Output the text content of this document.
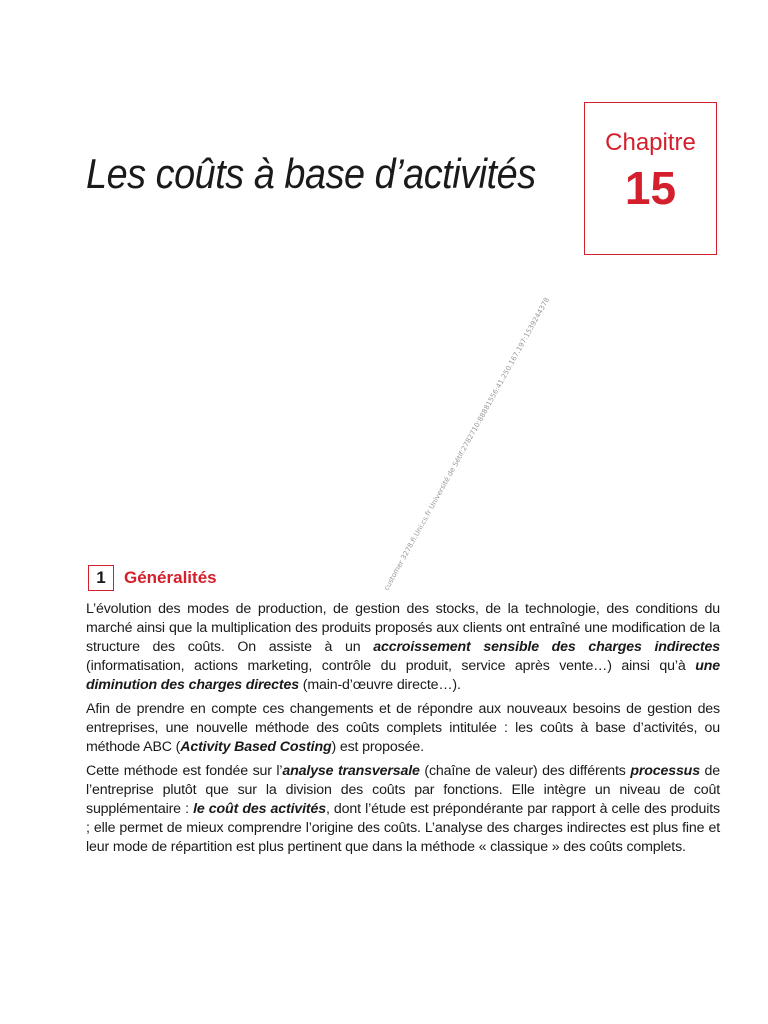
Les coûts à base d’activités
Chapitre
15
customer 3278.fi.Uni.cs.fr Université de Sétif:2782710:88881556:41.250.167.197:1539244378
1	Généralités

L’évolution des modes de production, de gestion des stocks, de la technologie, des conditions du marché ainsi que la multiplication des produits proposés aux clients ont entraîné une modification de la structure des coûts. On assiste à un accroissement sensible des charges indirectes (informatisation, actions marketing, contrôle du produit, service après vente…) ainsi qu’à une diminution des charges directes (main-d’œuvre directe…).

Afin de prendre en compte ces changements et de répondre aux nouveaux besoins de gestion des entreprises, une nouvelle méthode des coûts complets intitulée : les coûts à base d’activités, ou méthode ABC (Activity Based Costing) est proposée.

Cette méthode est fondée sur l’analyse transversale (chaîne de valeur) des différents processus de l’entreprise plutôt que sur la division des coûts par fonctions. Elle intègre un niveau de coût supplémentaire : le coût des activités, dont l’étude est prépondérante par rapport à celle des produits ; elle permet de mieux comprendre l’origine des coûts. L’analyse des charges indirectes est plus fine et leur mode de répartition est plus pertinent que dans la méthode « classique » des coûts complets.
